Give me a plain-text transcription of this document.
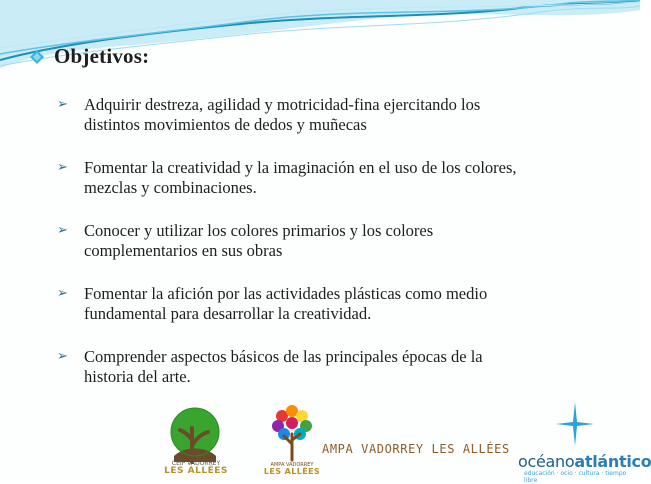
Objetivos:
➢ Adquirir destreza, agilidad y motricidad-fina ejercitando los
distintos movimientos de dedos y muñecas
➢ Fomentar la creatividad y la imaginación en el uso de los colores,
mezclas y combinaciones.
➢ Conocer y utilizar los colores primarios y los colores
complementarios en sus obras
➢ Fomentar la afición por las actividades plásticas como medio
fundamental para desarrollar la creatividad.
➢ Comprender aspectos básicos de las principales épocas de la
historia del arte.
CEIP VADORREY
LES ALLÉES
AMPA VADORREY
LES ALLÉES
AMPA VADORREY LES ALLÉES
océanoatlántico
educación · ocio · cultura · tiempo libre
